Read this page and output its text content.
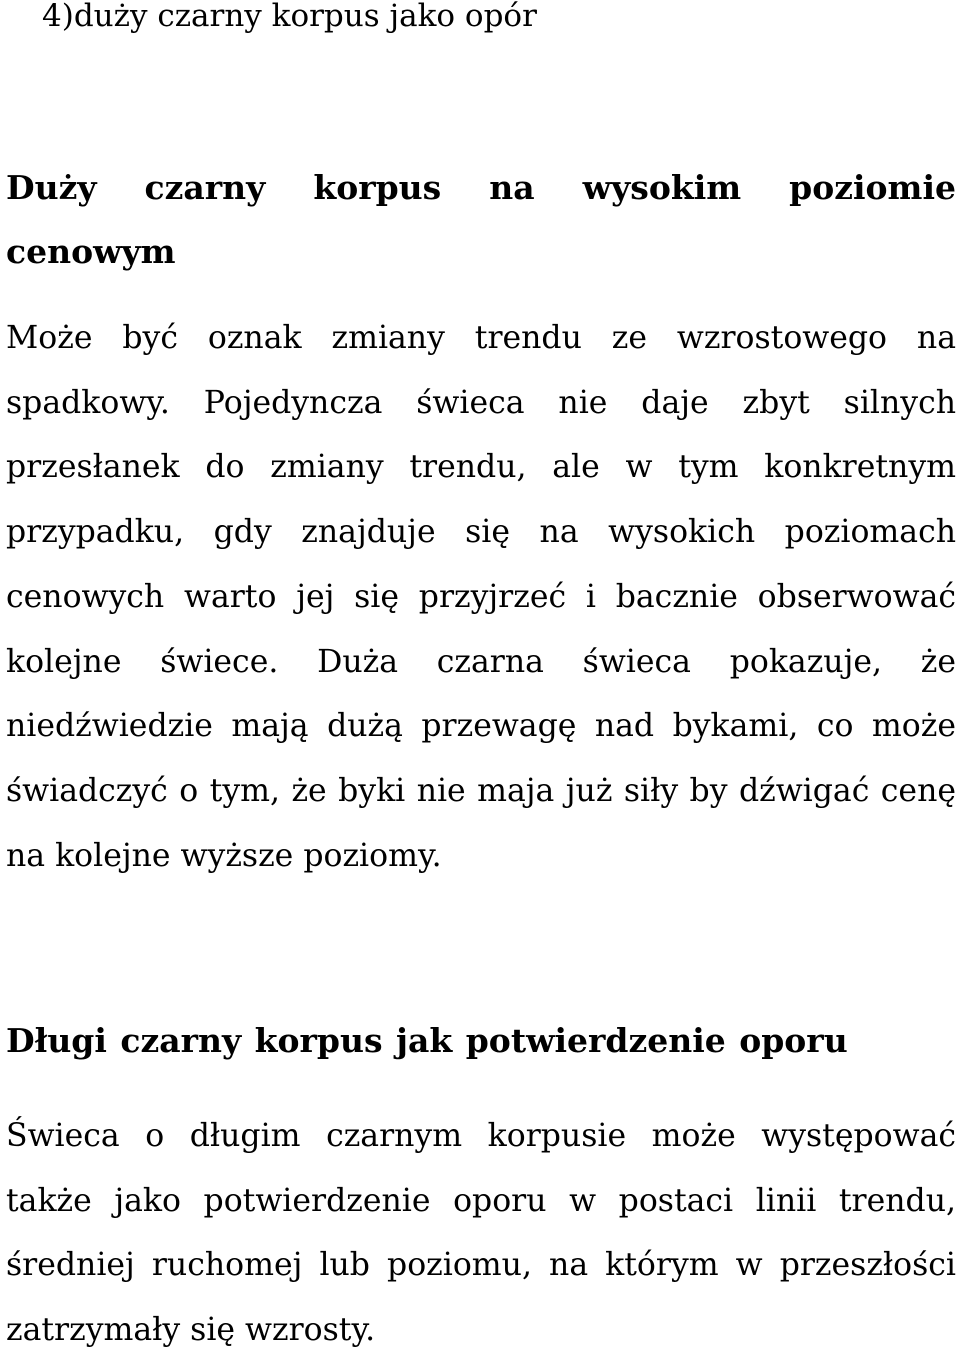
4)duży czarny korpus jako opór
Duży czarny korpus na wysokim poziomie cenowym
Może być oznak zmiany trendu ze wzrostowego na spadkowy. Pojedyncza świeca nie daje zbyt silnych przesłanek do zmiany trendu, ale w tym konkretnym przypadku, gdy znajduje się na wysokich poziomach cenowych warto jej się przyjrzeć i bacznie obserwować kolejne świece. Duża czarna świeca pokazuje, że niedźwiedzie mają dużą przewagę nad bykami, co może świadczyć o tym, że byki nie maja już siły by dźwigać cenę na kolejne wyższe poziomy.
Długi czarny korpus jak potwierdzenie oporu
Świeca o długim czarnym korpusie może występować także jako potwierdzenie oporu w postaci linii trendu, średniej ruchomej lub poziomu, na którym w przeszłości zatrzymały się wzrosty.
